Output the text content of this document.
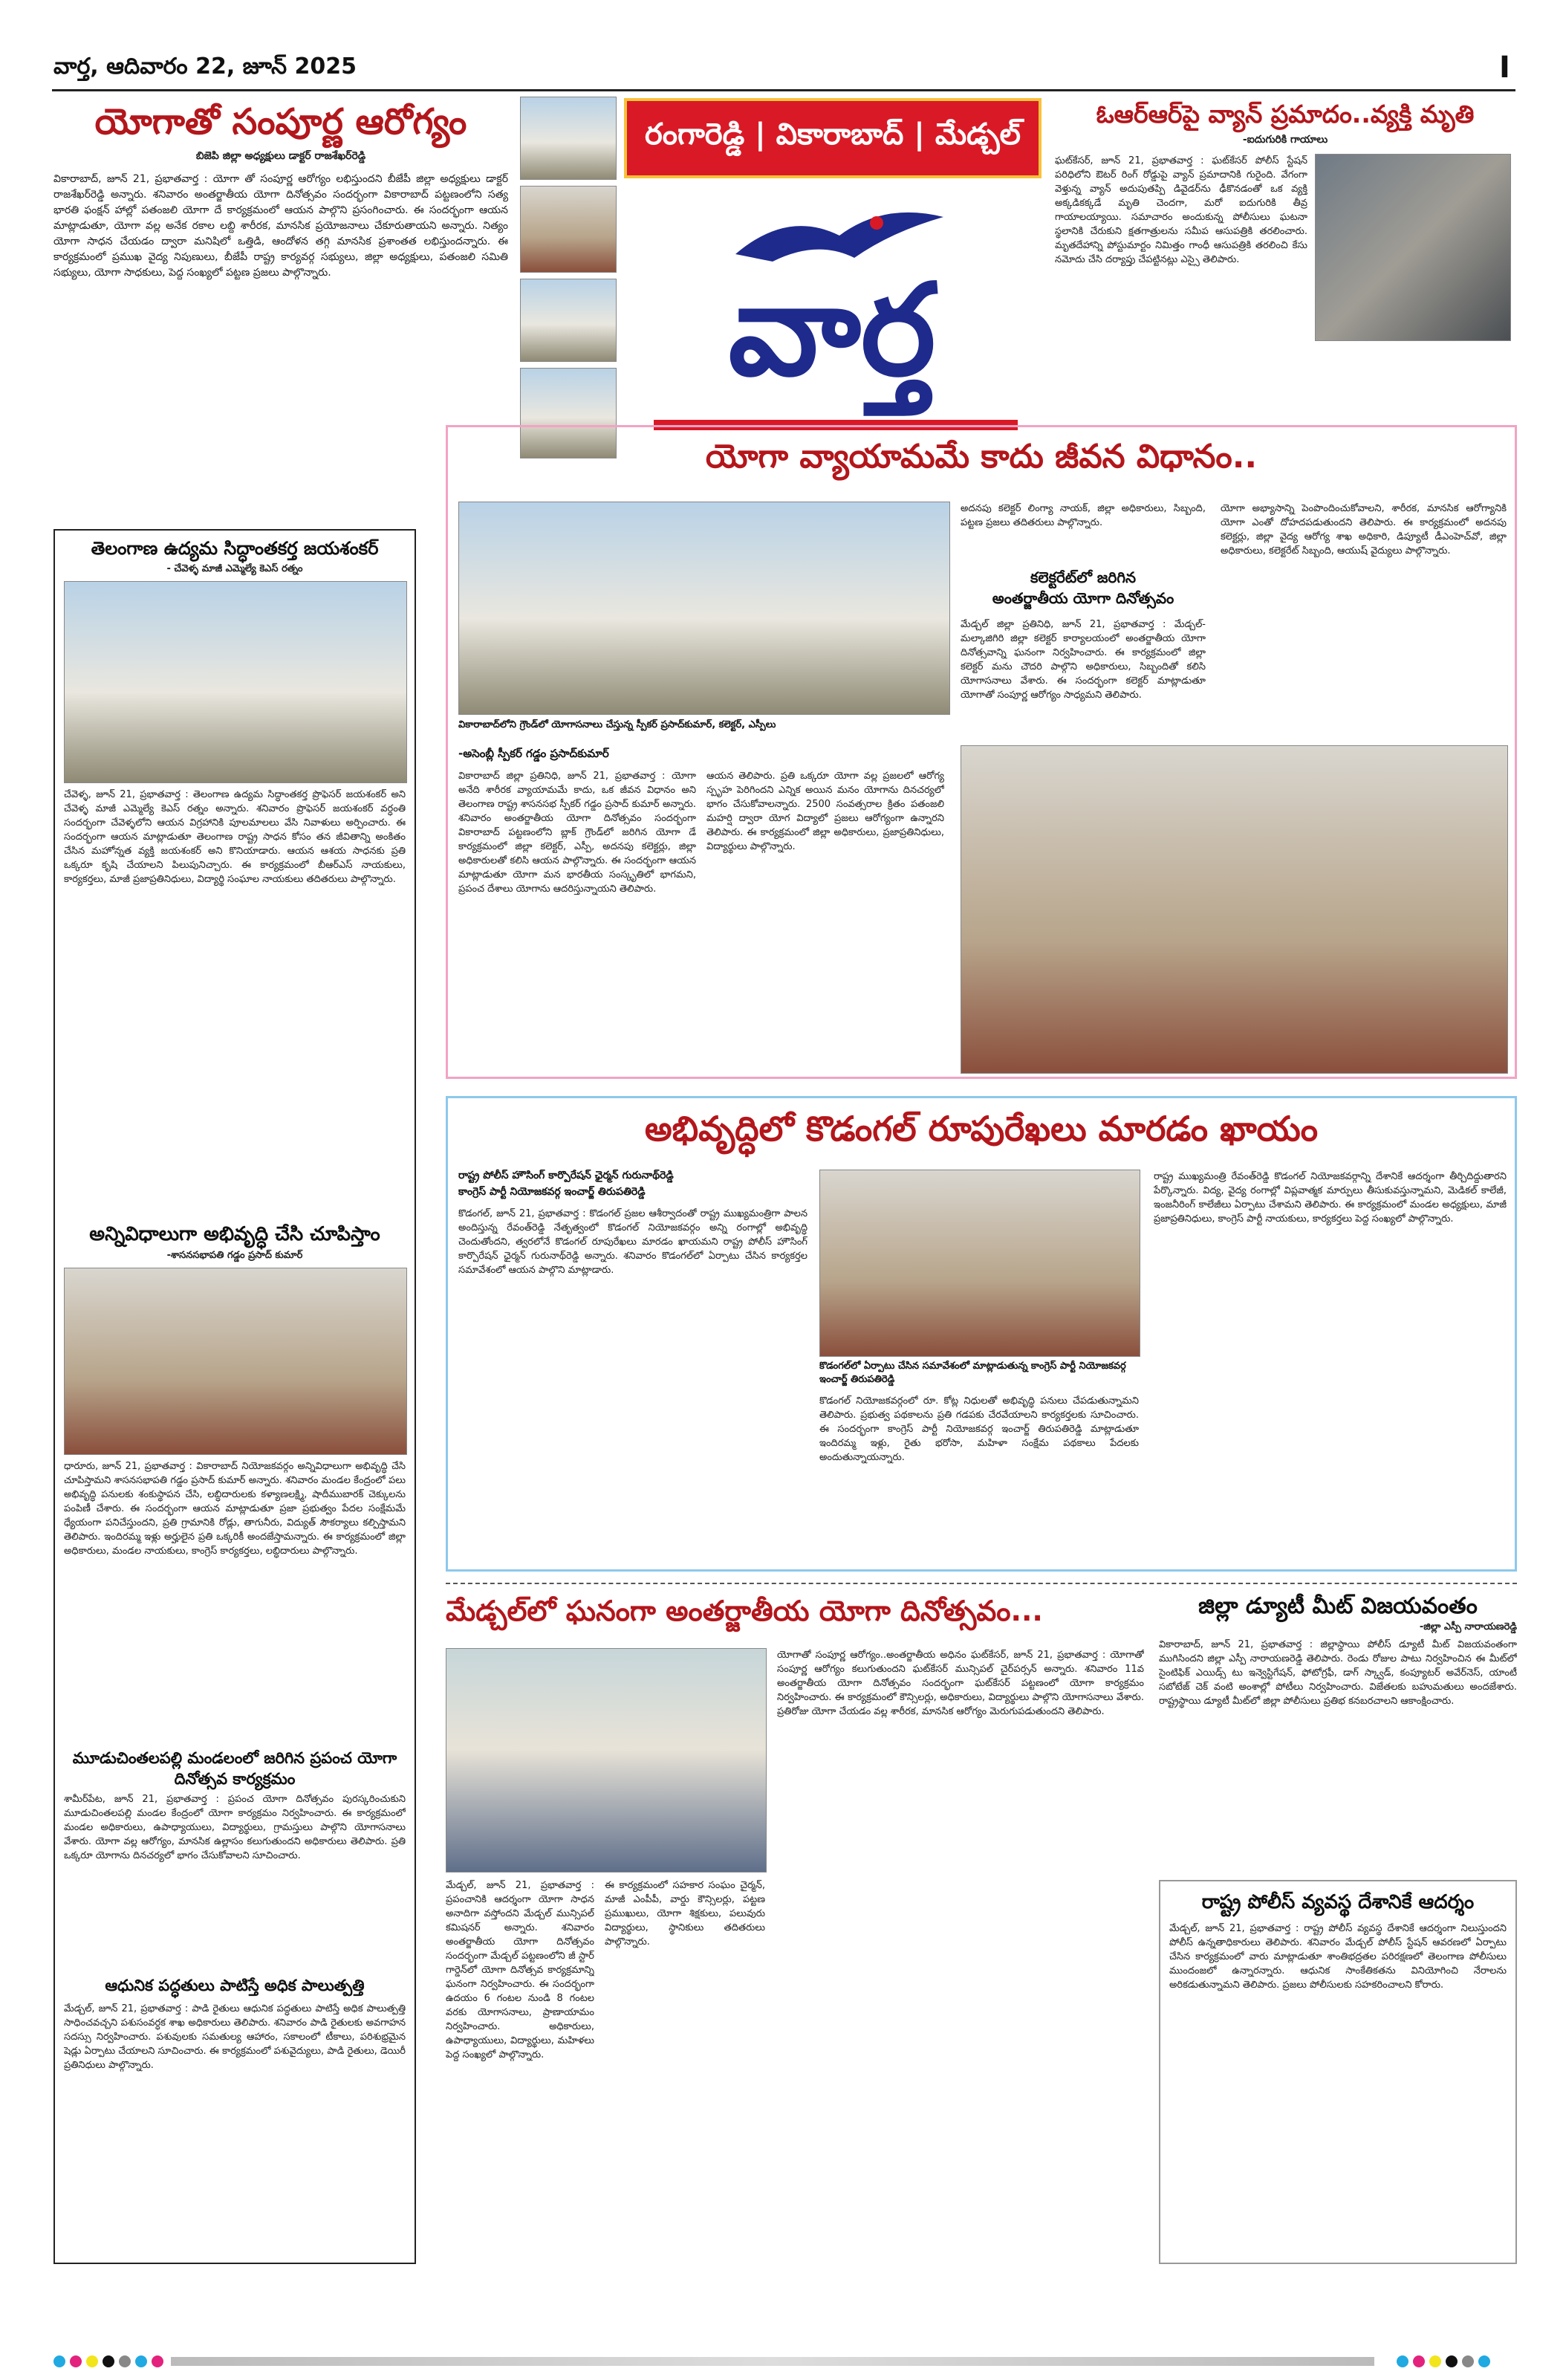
వార్త, ఆదివారం 22, జూన్ 2025	I
యోగాతో సంపూర్ణ ఆరోగ్యం
బిజెపి జిల్లా అధ్యక్షులు డాక్టర్ రాజశేఖర్‌రెడ్డి
వికారాబాద్, జూన్ 21, ప్రభాతవార్త : యోగా తో సంపూర్ణ ఆరోగ్యం లభిస్తుందని బీజేపీ జిల్లా అధ్యక్షులు డాక్టర్ రాజశేఖర్‌రెడ్డి అన్నారు. శనివారం అంతర్జాతీయ యోగా దినోత్సవం సందర్భంగా వికారాబాద్ పట్టణంలోని సత్య భారతి ఫంక్షన్ హాల్లో పతంజలి యోగా దే కార్యక్రమంలో ఆయన పాల్గొని ప్రసంగించారు. ఈ సందర్భంగా ఆయన మాట్లాడుతూ, యోగా వల్ల అనేక రకాల లబ్ది శారీరక, మానసిక ప్రయోజనాలు చేకూరుతాయని అన్నారు. నిత్యం యోగా సాధన చేయడం ద్వారా మనిషిలో ఒత్తిడి, ఆందోళన తగ్గి మానసిక ప్రశాంతత లభిస్తుందన్నారు. ఈ కార్యక్రమంలో ప్రముఖ వైద్య నిపుణులు, బీజేపీ రాష్ట్ర కార్యవర్గ సభ్యులు, జిల్లా అధ్యక్షులు, పతంజలి సమితి సభ్యులు, యోగా సాధకులు, పెద్ద సంఖ్యలో పట్టణ ప్రజలు పాల్గొన్నారు.
రంగారెడ్డి | వికారాబాద్ | మేడ్చల్
వార్త
ఓఆర్ఆర్‌పై వ్యాన్ ప్రమాదం..వ్యక్తి మృతి
-ఐదుగురికి గాయాలు
ఘట్‌కేసర్, జూన్ 21, ప్రభాతవార్త : ఘట్‌కేసర్ పోలీస్ స్టేషన్ పరిధిలోని ఔటర్ రింగ్ రోడ్డుపై వ్యాన్ ప్రమాదానికి గురైంది. వేగంగా వెళ్తున్న వ్యాన్ అదుపుతప్పి డివైడర్‌ను ఢీకొనడంతో ఒక వ్యక్తి అక్కడికక్కడే మృతి చెందగా, మరో ఐదుగురికి తీవ్ర గాయాలయ్యాయి. సమాచారం అందుకున్న పోలీసులు ఘటనా స్థలానికి చేరుకుని క్షతగాత్రులను సమీప ఆసుపత్రికి తరలించారు. మృతదేహాన్ని పోస్టుమార్టం నిమిత్తం గాంధీ ఆసుపత్రికి తరలించి కేసు నమోదు చేసి దర్యాప్తు చేపట్టినట్లు ఎస్సై తెలిపారు.
తెలంగాణ ఉద్యమ సిద్ధాంతకర్త జయశంకర్
- చేవెళ్ళ మాజీ ఎమ్మెల్యే కెఎస్ రత్నం
చేవెళ్ళ, జూన్ 21, ప్రభాతవార్త : తెలంగాణ ఉద్యమ సిద్ధాంతకర్త ప్రొఫెసర్ జయశంకర్ అని చేవెళ్ళ మాజీ ఎమ్మెల్యే కెఎస్ రత్నం అన్నారు. శనివారం ప్రొఫెసర్ జయశంకర్ వర్ధంతి సందర్భంగా చేవెళ్ళలోని ఆయన విగ్రహానికి పూలమాలలు వేసి నివాళులు అర్పించారు. ఈ సందర్భంగా ఆయన మాట్లాడుతూ తెలంగాణ రాష్ట్ర సాధన కోసం తన జీవితాన్ని అంకితం చేసిన మహోన్నత వ్యక్తి జయశంకర్ అని కొనియాడారు. ఆయన ఆశయ సాధనకు ప్రతి ఒక్కరూ కృషి చేయాలని పిలుపునిచ్చారు. ఈ కార్యక్రమంలో బీఆర్ఎస్ నాయకులు, కార్యకర్తలు, మాజీ ప్రజాప్రతినిధులు, విద్యార్థి సంఘాల నాయకులు తదితరులు పాల్గొన్నారు.
అన్నివిధాలుగా అభివృద్ధి చేసి చూపిస్తాం
-శాసనసభాపతి గడ్డం ప్రసాద్ కుమార్
ధారూరు, జూన్ 21, ప్రభాతవార్త : వికారాబాద్ నియోజకవర్గం అన్నివిధాలుగా అభివృద్ధి చేసి చూపిస్తామని శాసనసభాపతి గడ్డం ప్రసాద్ కుమార్ అన్నారు. శనివారం మండల కేంద్రంలో పలు అభివృద్ధి పనులకు శంకుస్థాపన చేసి, లబ్ధిదారులకు కళ్యాణలక్ష్మి, షాదీముబారక్ చెక్కులను పంపిణీ చేశారు. ఈ సందర్భంగా ఆయన మాట్లాడుతూ ప్రజా ప్రభుత్వం పేదల సంక్షేమమే ధ్యేయంగా పనిచేస్తుందని, ప్రతి గ్రామానికి రోడ్లు, తాగునీరు, విద్యుత్ సౌకర్యాలు కల్పిస్తామని తెలిపారు. ఇందిరమ్మ ఇళ్లు అర్హులైన ప్రతి ఒక్కరికీ అందజేస్తామన్నారు. ఈ కార్యక్రమంలో జిల్లా అధికారులు, మండల నాయకులు, కాంగ్రెస్ కార్యకర్తలు, లబ్ధిదారులు పాల్గొన్నారు.
మూడుచింతలపల్లి మండలంలో జరిగిన ప్రపంచ యోగా దినోత్సవ కార్యక్రమం
శామీర్‌పేట, జూన్ 21, ప్రభాతవార్త : ప్రపంచ యోగా దినోత్సవం పురస్కరించుకుని మూడుచింతలపల్లి మండల కేంద్రంలో యోగా కార్యక్రమం నిర్వహించారు. ఈ కార్యక్రమంలో మండల అధికారులు, ఉపాధ్యాయులు, విద్యార్థులు, గ్రామస్తులు పాల్గొని యోగాసనాలు వేశారు. యోగా వల్ల ఆరోగ్యం, మానసిక ఉల్లాసం కలుగుతుందని అధికారులు తెలిపారు. ప్రతి ఒక్కరూ యోగాను దినచర్యలో భాగం చేసుకోవాలని సూచించారు.
ఆధునిక పద్ధతులు పాటిస్తే అధిక పాలుత్పత్తి
మేడ్చల్, జూన్ 21, ప్రభాతవార్త : పాడి రైతులు ఆధునిక పద్ధతులు పాటిస్తే అధిక పాలుత్పత్తి సాధించవచ్చని పశుసంవర్ధక శాఖ అధికారులు తెలిపారు. శనివారం పాడి రైతులకు అవగాహన సదస్సు నిర్వహించారు. పశువులకు సమతుల్య ఆహారం, సకాలంలో టీకాలు, పరిశుభ్రమైన షెడ్లు ఏర్పాటు చేయాలని సూచించారు. ఈ కార్యక్రమంలో పశువైద్యులు, పాడి రైతులు, డెయిరీ ప్రతినిధులు పాల్గొన్నారు.
యోగా వ్యాయామమే కాదు జీవన విధానం..
వికారాబాద్‌లోని గ్రౌండ్‌లో యోగాసనాలు చేస్తున్న స్పీకర్ ప్రసాద్‌కుమార్, కలెక్టర్, ఎస్పీలు
-అసెంబ్లీ స్పీకర్ గడ్డం ప్రసాద్‌కుమార్
వికారాబాద్ జిల్లా ప్రతినిధి, జూన్ 21, ప్రభాతవార్త : యోగా అనేది శారీరక వ్యాయామమే కాదు, ఒక జీవన విధానం అని తెలంగాణ రాష్ట్ర శాసనసభ స్పీకర్ గడ్డం ప్రసాద్ కుమార్ అన్నారు. శనివారం అంతర్జాతీయ యోగా దినోత్సవం సందర్భంగా వికారాబాద్ పట్టణంలోని బ్లాక్ గ్రౌండ్‌లో జరిగిన యోగా డే కార్యక్రమంలో జిల్లా కలెక్టర్, ఎస్పీ, అదనపు కలెక్టర్లు, జిల్లా అధికారులతో కలిసి ఆయన పాల్గొన్నారు. ఈ సందర్భంగా ఆయన మాట్లాడుతూ యోగా మన భారతీయ సంస్కృతిలో భాగమని, ప్రపంచ దేశాలు యోగాను ఆదరిస్తున్నాయని తెలిపారు.
ఆయన తెలిపారు. ప్రతి ఒక్కరూ యోగా వల్ల ప్రజలలో ఆరోగ్య స్పృహ పెరిగిందని ఎన్నిక అయిన మనం యోగాను దినచర్యలో భాగం చేసుకోవాలన్నారు. 2500 సంవత్సరాల క్రితం పతంజలి మహర్షి ద్వారా యోగ విద్యాలో ప్రజలు ఆరోగ్యంగా ఉన్నారని తెలిపారు. ఈ కార్యక్రమంలో జిల్లా అధికారులు, ప్రజాప్రతినిధులు, విద్యార్థులు పాల్గొన్నారు.
అదనపు కలెక్టర్ లింగ్యా నాయక్, జిల్లా అధికారులు, సిబ్బంది, పట్టణ ప్రజలు తదితరులు పాల్గొన్నారు.
కలెక్టరేట్‌లో జరిగిన
అంతర్జాతీయ యోగా దినోత్సవం
మేడ్చల్ జిల్లా ప్రతినిధి, జూన్ 21, ప్రభాతవార్త : మేడ్చల్-మల్కాజిగిరి జిల్లా కలెక్టర్ కార్యాలయంలో అంతర్జాతీయ యోగా దినోత్సవాన్ని ఘనంగా నిర్వహించారు. ఈ కార్యక్రమంలో జిల్లా కలెక్టర్ మను చౌదరి పాల్గొని అధికారులు, సిబ్బందితో కలిసి యోగాసనాలు వేశారు. ఈ సందర్భంగా కలెక్టర్ మాట్లాడుతూ యోగాతో సంపూర్ణ ఆరోగ్యం సాధ్యమని తెలిపారు.
యోగా అభ్యాసాన్ని పెంపొందించుకోవాలని, శారీరక, మానసిక ఆరోగ్యానికి యోగా ఎంతో దోహదపడుతుందని తెలిపారు. ఈ కార్యక్రమంలో అదనపు కలెక్టర్లు, జిల్లా వైద్య ఆరోగ్య శాఖ అధికారి, డిప్యూటీ డీఎంహెచ్‌వో, జిల్లా అధికారులు, కలెక్టరేట్ సిబ్బంది, ఆయుష్ వైద్యులు పాల్గొన్నారు.
అభివృద్ధిలో కొడంగల్ రూపురేఖలు మారడం ఖాయం
రాష్ట్ర పోలీస్ హౌసింగ్ కార్పొరేషన్ ఛైర్మన్ గురునాథ్‌రెడ్డి
కాంగ్రెస్ పార్టీ నియోజకవర్గ ఇంచార్జ్ తిరుపతిరెడ్డి
కొడంగల్, జూన్ 21, ప్రభాతవార్త : కొడంగల్ ప్రజల ఆశీర్వాదంతో రాష్ట్ర ముఖ్యమంత్రిగా పాలన అందిస్తున్న రేవంత్‌రెడ్డి నేతృత్వంలో కొడంగల్ నియోజకవర్గం అన్ని రంగాల్లో అభివృద్ధి చెందుతోందని, త్వరలోనే కొడంగల్ రూపురేఖలు మారడం ఖాయమని రాష్ట్ర పోలీస్ హౌసింగ్ కార్పొరేషన్ ఛైర్మన్ గురునాథ్‌రెడ్డి అన్నారు. శనివారం కొడంగల్‌లో ఏర్పాటు చేసిన కార్యకర్తల సమావేశంలో ఆయన పాల్గొని మాట్లాడారు.
కొడంగల్‌లో ఏర్పాటు చేసిన సమావేశంలో మాట్లాడుతున్న కాంగ్రెస్ పార్టీ నియోజకవర్గ ఇంచార్జ్ తిరుపతిరెడ్డి
కొడంగల్ నియోజకవర్గంలో రూ. కోట్ల నిధులతో అభివృద్ధి పనులు చేపడుతున్నామని తెలిపారు. ప్రభుత్వ పథకాలను ప్రతి గడపకు చేరవేయాలని కార్యకర్తలకు సూచించారు. ఈ సందర్భంగా కాంగ్రెస్ పార్టీ నియోజకవర్గ ఇంచార్జ్ తిరుపతిరెడ్డి మాట్లాడుతూ ఇందిరమ్మ ఇళ్లు, రైతు భరోసా, మహిళా సంక్షేమ పథకాలు పేదలకు అందుతున్నాయన్నారు.
రాష్ట్ర ముఖ్యమంత్రి రేవంత్‌రెడ్డి కొడంగల్ నియోజకవర్గాన్ని దేశానికే ఆదర్శంగా తీర్చిదిద్దుతారని పేర్కొన్నారు. విద్య, వైద్య రంగాల్లో విప్లవాత్మక మార్పులు తీసుకువస్తున్నామని, మెడికల్ కాలేజీ, ఇంజనీరింగ్ కాలేజీలు ఏర్పాటు చేశామని తెలిపారు. ఈ కార్యక్రమంలో మండల అధ్యక్షులు, మాజీ ప్రజాప్రతినిధులు, కాంగ్రెస్ పార్టీ నాయకులు, కార్యకర్తలు పెద్ద సంఖ్యలో పాల్గొన్నారు.
మేడ్చల్‌లో ఘనంగా అంతర్జాతీయ యోగా దినోత్సవం...
మేడ్చల్, జూన్ 21, ప్రభాతవార్త : ప్రపంచానికి ఆదర్శంగా యోగా సాధన అనాదిగా వస్తోందని మేడ్చల్ మున్సిపల్ కమిషనర్ అన్నారు. శనివారం అంతర్జాతీయ యోగా దినోత్సవం సందర్భంగా మేడ్చల్ పట్టణంలోని జీ స్టార్ గార్డెన్‌లో యోగా దినోత్సవ కార్యక్రమాన్ని ఘనంగా నిర్వహించారు. ఈ సందర్భంగా ఉదయం 6 గంటల నుండి 8 గంటల వరకు యోగాసనాలు, ప్రాణాయామం నిర్వహించారు. అధికారులు, ఉపాధ్యాయులు, విద్యార్థులు, మహిళలు పెద్ద సంఖ్యలో పాల్గొన్నారు.
ఈ కార్యక్రమంలో సహకార సంఘం చైర్మన్, మాజీ ఎంపీపీ, వార్డు కౌన్సిలర్లు, పట్టణ ప్రముఖులు, యోగా శిక్షకులు, పలువురు విద్యార్థులు, స్థానికులు తదితరులు పాల్గొన్నారు.
యోగాతో సంపూర్ణ ఆరోగ్యం..అంతర్జాతీయ అధినం ఘట్‌కేసర్, జూన్ 21, ప్రభాతవార్త : యోగాతో సంపూర్ణ ఆరోగ్యం కలుగుతుందని ఘట్‌కేసర్ మున్సిపల్ చైర్‌పర్సన్ అన్నారు. శనివారం 11వ అంతర్జాతీయ యోగా దినోత్సవం సందర్భంగా ఘట్‌కేసర్ పట్టణంలో యోగా కార్యక్రమం నిర్వహించారు. ఈ కార్యక్రమంలో కౌన్సిలర్లు, అధికారులు, విద్యార్థులు పాల్గొని యోగాసనాలు వేశారు. ప్రతిరోజు యోగా చేయడం వల్ల శారీరక, మానసిక ఆరోగ్యం మెరుగుపడుతుందని తెలిపారు.
జిల్లా డ్యూటీ మీట్ విజయవంతం
-జిల్లా ఎస్పీ నారాయణరెడ్డి
వికారాబాద్, జూన్ 21, ప్రభాతవార్త : జిల్లాస్థాయి పోలీస్ డ్యూటీ మీట్ విజయవంతంగా ముగిసిందని జిల్లా ఎస్పీ నారాయణరెడ్డి తెలిపారు. రెండు రోజుల పాటు నిర్వహించిన ఈ మీట్‌లో సైంటిఫిక్ ఎయిడ్స్ టు ఇన్వెస్టిగేషన్, ఫోటోగ్రఫీ, డాగ్ స్క్వాడ్, కంప్యూటర్ అవేర్‌నెస్, యాంటీ సబోటేజ్ చెక్ వంటి అంశాల్లో పోటీలు నిర్వహించారు. విజేతలకు బహుమతులు అందజేశారు. రాష్ట్రస్థాయి డ్యూటీ మీట్‌లో జిల్లా పోలీసులు ప్రతిభ కనబరచాలని ఆకాంక్షించారు.
రాష్ట్ర పోలీస్ వ్యవస్థ దేశానికే ఆదర్శం
మేడ్చల్, జూన్ 21, ప్రభాతవార్త : రాష్ట్ర పోలీస్ వ్యవస్థ దేశానికే ఆదర్శంగా నిలుస్తుందని పోలీస్ ఉన్నతాధికారులు తెలిపారు. శనివారం మేడ్చల్ పోలీస్ స్టేషన్ ఆవరణలో ఏర్పాటు చేసిన కార్యక్రమంలో వారు మాట్లాడుతూ శాంతిభద్రతల పరిరక్షణలో తెలంగాణ పోలీసులు ముందంజలో ఉన్నారన్నారు. ఆధునిక సాంకేతికతను వినియోగించి నేరాలను అరికడుతున్నామని తెలిపారు. ప్రజలు పోలీసులకు సహకరించాలని కోరారు.
